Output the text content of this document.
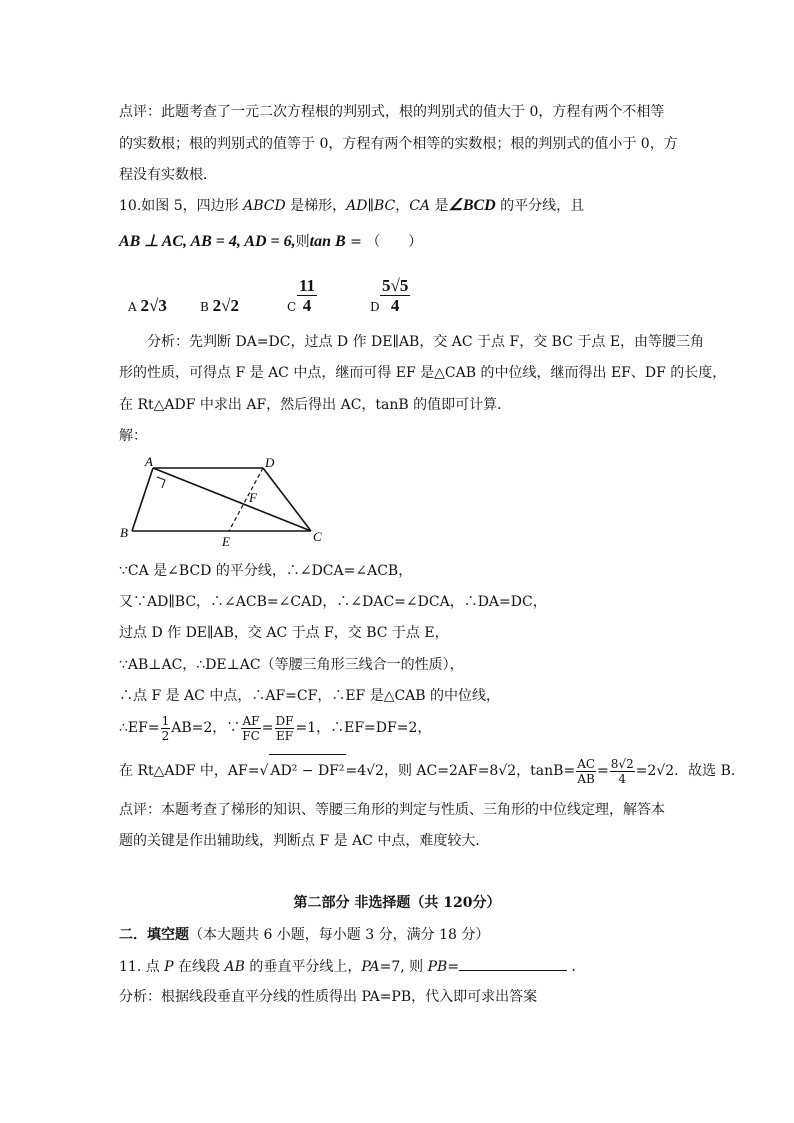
点评：此题考查了一元二次方程根的判别式，根的判别式的值大于 0，方程有两个不相等
的实数根；根的判别式的值等于 0，方程有两个相等的实数根；根的判别式的值小于 0，方
程没有实数根．
10.如图 5，四边形 ABCD 是梯形，AD∥BC，CA 是∠BCD 的平分线，且
AB ⊥ AC, AB = 4, AD = 6,则tan B = （　　）
A 2√3	B 2√2	C $\frac{11}{4}$	D $\frac{5√5}{4}$
分析：先判断 DA=DC，过点 D 作 DE∥AB，交 AC 于点 F，交 BC 于点 E，由等腰三角
形的性质，可得点 F 是 AC 中点，继而可得 EF 是△CAB 的中位线，继而得出 EF、DF 的长度，
在 Rt△ADF 中求出 AF，然后得出 AC，tanB 的值即可计算．
解：
A	D
F
B
E	C
∵CA 是∠BCD 的平分线，∴∠DCA=∠ACB，
又∵AD∥BC，∴∠ACB=∠CAD，∴∠DAC=∠DCA，∴DA=DC，
过点 D 作 DE∥AB，交 AC 于点 F，交 BC 于点 E，
∵AB⊥AC，∴DE⊥AC（等腰三角形三线合一的性质），
∴点 F 是 AC 中点，∴AF=CF，∴EF 是△CAB 的中位线，
∴EF= $\frac{1}{2} AB=2$，∵ $\frac{AF}{FC} = \frac{DF}{EF} =1$，∴EF=DF=2，
在 Rt△ADF 中，AF=√ AD² − DF²=4√2，则 AC=2AF=8√2，$\tan B= \frac{AC}{AB} = \frac{8√2}{4} =2√2$．故选 B．
点评：本题考查了梯形的知识、等腰三角形的判定与性质、三角形的中位线定理，解答本
题的关键是作出辅助线，判断点 F 是 AC 中点，难度较大．
第二部分 非选择题（共 120分）
二．填空题（本大题共 6 小题，每小题 3 分，满分 18 分）
11. 点 P 在线段 AB 的垂直平分线上，PA=7, 则 PB=	．
分析：根据线段垂直平分线的性质得出 PA=PB，代入即可求出答案
